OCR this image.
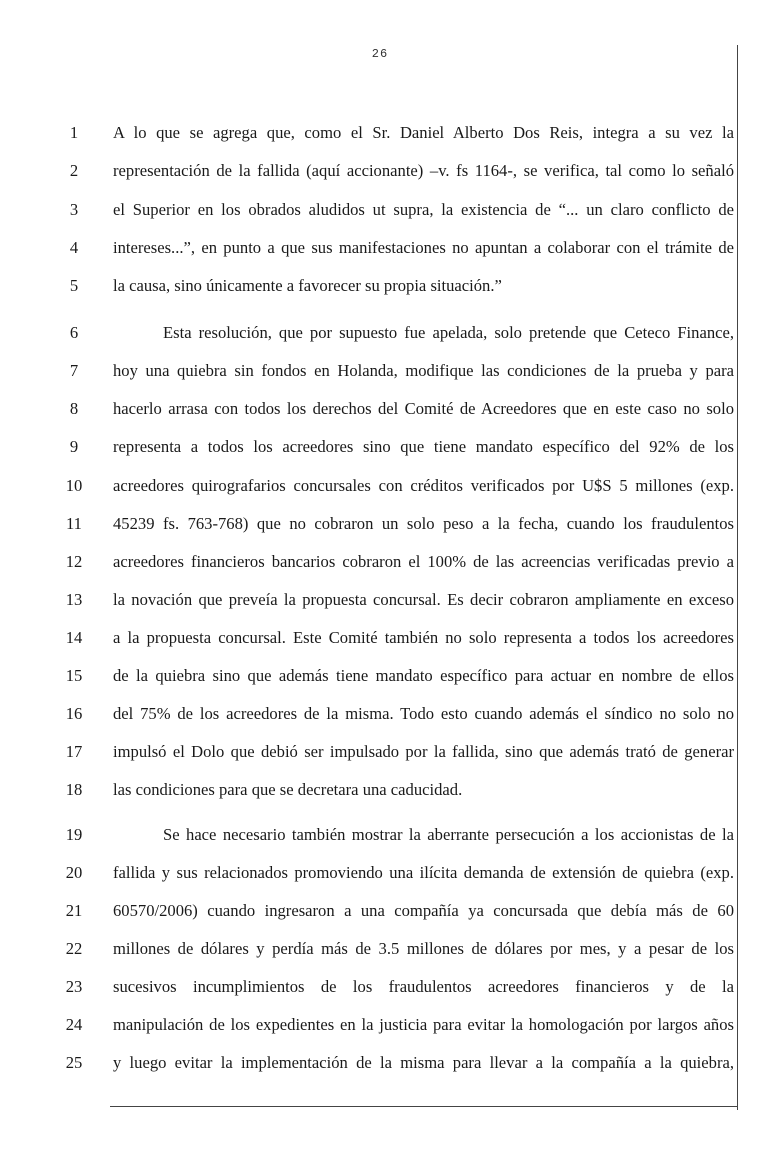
26
1	A lo que se agrega que, como el Sr. Daniel Alberto Dos Reis, integra a su vez la
2	representación de la fallida (aquí accionante) –v. fs 1164-, se verifica, tal como lo señaló
3	el Superior en los obrados aludidos ut supra, la existencia de “... un claro conflicto de
4	intereses...”, en punto a que sus manifestaciones no apuntan a colaborar con el trámite de
5	la causa, sino únicamente a favorecer su propia situación.”
6	Esta resolución, que por supuesto fue apelada, solo pretende que Ceteco Finance,
7	hoy una quiebra sin fondos en Holanda, modifique las condiciones de la prueba y para
8	hacerlo arrasa con todos los derechos del Comité de Acreedores que en este caso no solo
9	representa a todos los acreedores sino que tiene mandato específico del 92% de los
10	acreedores quirografarios concursales con créditos verificados por U$S 5 millones (exp.
11	45239 fs. 763-768) que no cobraron un solo peso a la fecha, cuando los fraudulentos
12	acreedores financieros bancarios cobraron el 100% de las acreencias verificadas previo a
13	la novación que preveía la propuesta concursal. Es decir cobraron ampliamente en exceso
14	a la propuesta concursal. Este Comité también no solo representa a todos los acreedores
15	de la quiebra sino que además tiene mandato específico para actuar en nombre de ellos
16	del 75% de los acreedores de la misma. Todo esto cuando además el síndico no solo no
17	impulsó el Dolo que debió ser impulsado por la fallida, sino que además trató de generar
18	las condiciones para que se decretara una caducidad.
19	Se hace necesario también mostrar la aberrante persecución a los accionistas de la
20	fallida y sus relacionados promoviendo una ilícita demanda de extensión de quiebra (exp.
21	60570/2006) cuando ingresaron a una compañía ya concursada que debía más de 60
22	millones de dólares y perdía más de 3.5 millones de dólares por mes, y a pesar de los
23	sucesivos incumplimientos de los fraudulentos acreedores financieros y de la
24	manipulación de los expedientes en la justicia para evitar la homologación por largos años
25	y luego evitar la implementación de la misma para llevar a la compañía a la quiebra,
